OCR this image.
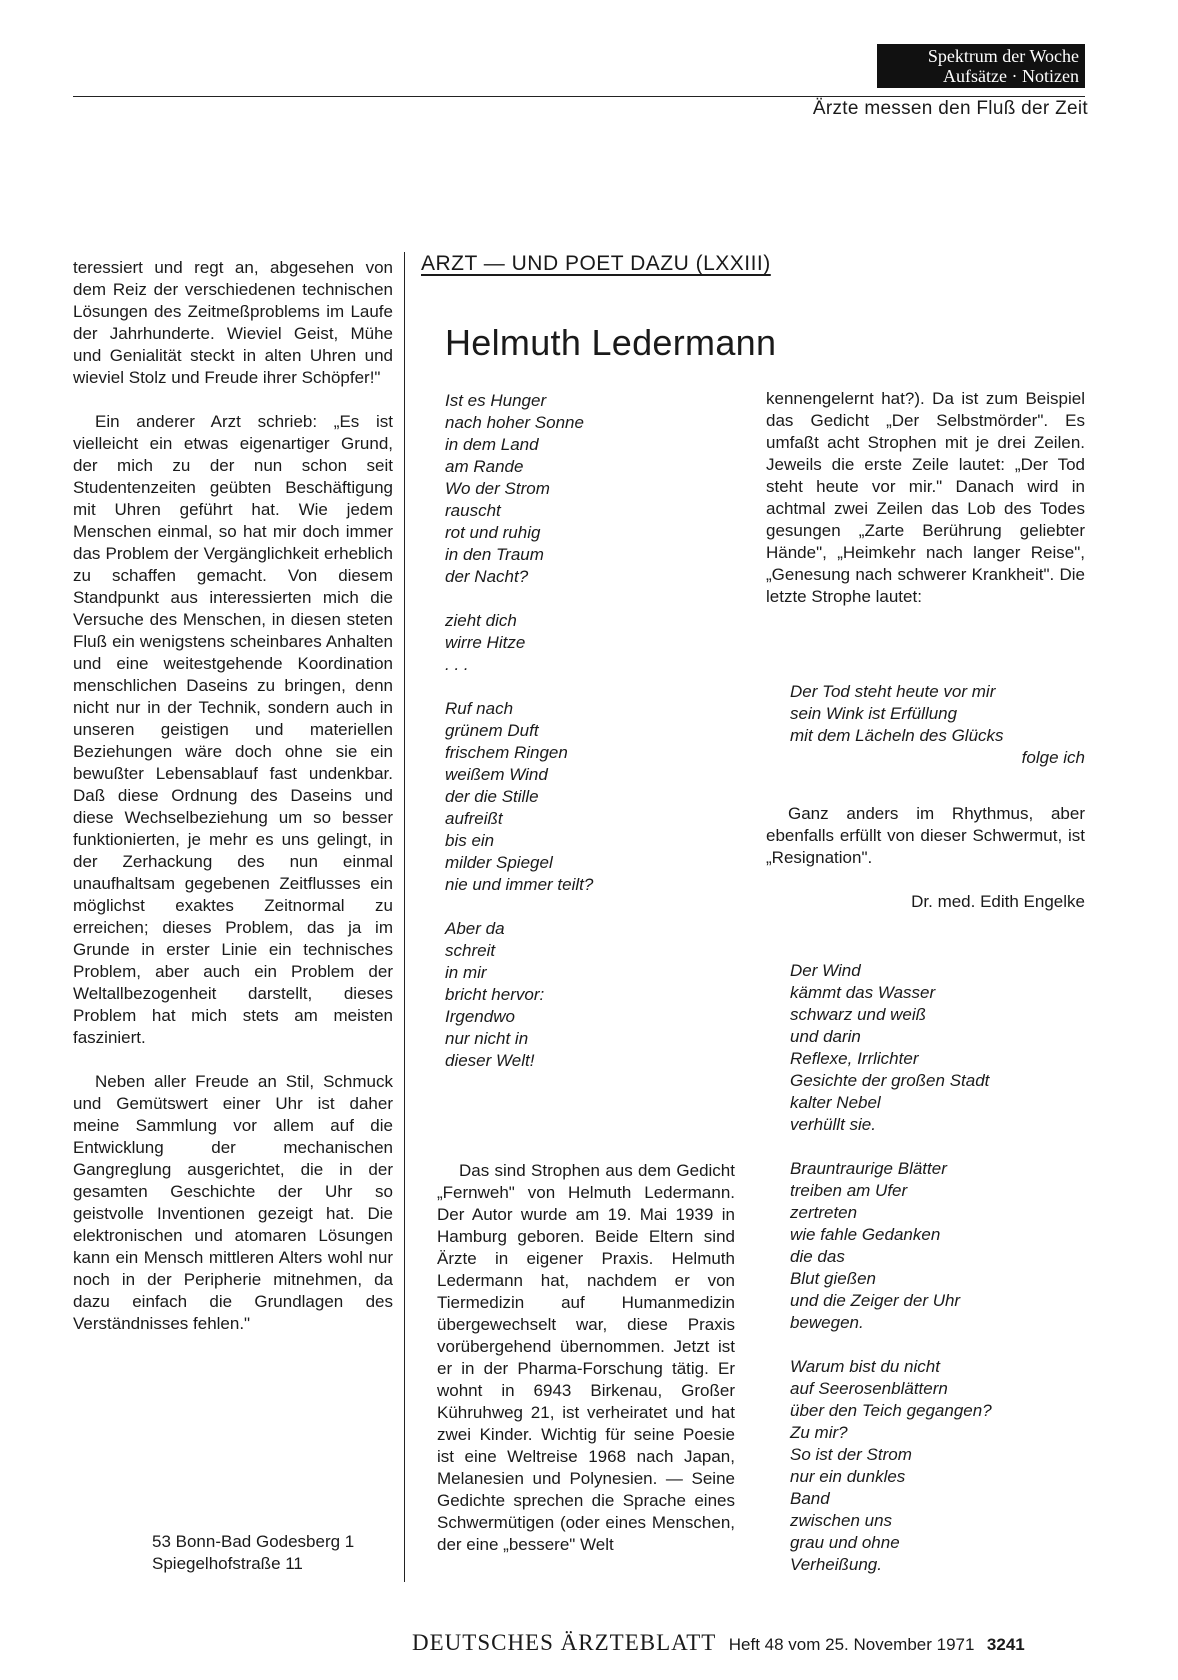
Spektrum der Woche
Aufsätze · Notizen
Ärzte messen den Fluß der Zeit

teressiert und regt an, abgesehen von dem Reiz der verschiedenen technischen Lösungen des Zeitmeßproblems im Laufe der Jahrhunderte. Wieviel Geist, Mühe und Genialität steckt in alten Uhren und wieviel Stolz und Freude ihrer Schöpfer!"

Ein anderer Arzt schrieb: „Es ist vielleicht ein etwas eigenartiger Grund, der mich zu der nun schon seit Studentenzeiten geübten Beschäftigung mit Uhren geführt hat. Wie jedem Menschen einmal, so hat mir doch immer das Problem der Vergänglichkeit erheblich zu schaffen gemacht. Von diesem Standpunkt aus interessierten mich die Versuche des Menschen, in diesen steten Fluß ein wenigstens scheinbares Anhalten und eine weitestgehende Koordination menschlichen Daseins zu bringen, denn nicht nur in der Technik, sondern auch in unseren geistigen und materiellen Beziehungen wäre doch ohne sie ein bewußter Lebensablauf fast undenkbar. Daß diese Ordnung des Daseins und diese Wechselbeziehung um so besser funktionierten, je mehr es uns gelingt, in der Zerhackung des nun einmal unaufhaltsam gegebenen Zeitflusses ein möglichst exaktes Zeitnormal zu erreichen; dieses Problem, das ja im Grunde in erster Linie ein technisches Problem, aber auch ein Problem der Weltallbezogenheit darstellt, dieses Problem hat mich stets am meisten fasziniert.

Neben aller Freude an Stil, Schmuck und Gemütswert einer Uhr ist daher meine Sammlung vor allem auf die Entwicklung der mechanischen Gangreglung ausgerichtet, die in der gesamten Geschichte der Uhr so geistvolle Inventionen gezeigt hat. Die elektronischen und atomaren Lösungen kann ein Mensch mittleren Alters wohl nur noch in der Peripherie mitnehmen, da dazu einfach die Grundlagen des Verständnisses fehlen."

53 Bonn-Bad Godesberg 1
Spiegelhofstraße 11
ARZT — UND POET DAZU (LXXIII)
Helmuth Ledermann
Ist es Hunger
nach hoher Sonne
in dem Land
am Rande
Wo der Strom
rauscht
rot und ruhig
in den Traum
der Nacht?
zieht dich
wirre Hitze
. . .
Ruf nach
grünem Duft
frischem Ringen
weißem Wind
der die Stille
aufreißt
bis ein
milder Spiegel
nie und immer teilt?
Aber da
schreit
in mir
bricht hervor:
Irgendwo
nur nicht in
dieser Welt!

Das sind Strophen aus dem Gedicht „Fernweh" von Helmuth Ledermann. Der Autor wurde am 19. Mai 1939 in Hamburg geboren. Beide Eltern sind Ärzte in eigener Praxis. Helmuth Ledermann hat, nachdem er von Tiermedizin auf Humanmedizin übergewechselt war, diese Praxis vorübergehend übernommen. Jetzt ist er in der Pharma-Forschung tätig. Er wohnt in 6943 Birkenau, Großer Kühruhweg 21, ist verheiratet und hat zwei Kinder. Wichtig für seine Poesie ist eine Weltreise 1968 nach Japan, Melanesien und Polynesien. — Seine Gedichte sprechen die Sprache eines Schwermütigen (oder eines Menschen, der eine „bessere" Welt

kennengelernt hat?). Da ist zum Beispiel das Gedicht „Der Selbstmörder". Es umfaßt acht Strophen mit je drei Zeilen. Jeweils die erste Zeile lautet: „Der Tod steht heute vor mir." Danach wird in achtmal zwei Zeilen das Lob des Todes gesungen „Zarte Berührung geliebter Hände", „Heimkehr nach langer Reise", „Genesung nach schwerer Krankheit". Die letzte Strophe lautet:

Der Tod steht heute vor mir
sein Wink ist Erfüllung
mit dem Lächeln des Glücks
folge ich

Ganz anders im Rhythmus, aber ebenfalls erfüllt von dieser Schwermut, ist „Resignation".

Dr. med. Edith Engelke
Der Wind
kämmt das Wasser
schwarz und weiß
und darin
Reflexe, Irrlichter
Gesichte der großen Stadt
kalter Nebel
verhüllt sie.
Brauntraurige Blätter
treiben am Ufer
zertreten
wie fahle Gedanken
die das
Blut gießen
und die Zeiger der Uhr
bewegen.
Warum bist du nicht
auf Seerosenblättern
über den Teich gegangen?
Zu mir?
So ist der Strom
nur ein dunkles
Band
zwischen uns
grau und ohne
Verheißung.
DEUTSCHES ÄRZTEBLATT Heft 48 vom 25. November 1971 3241
